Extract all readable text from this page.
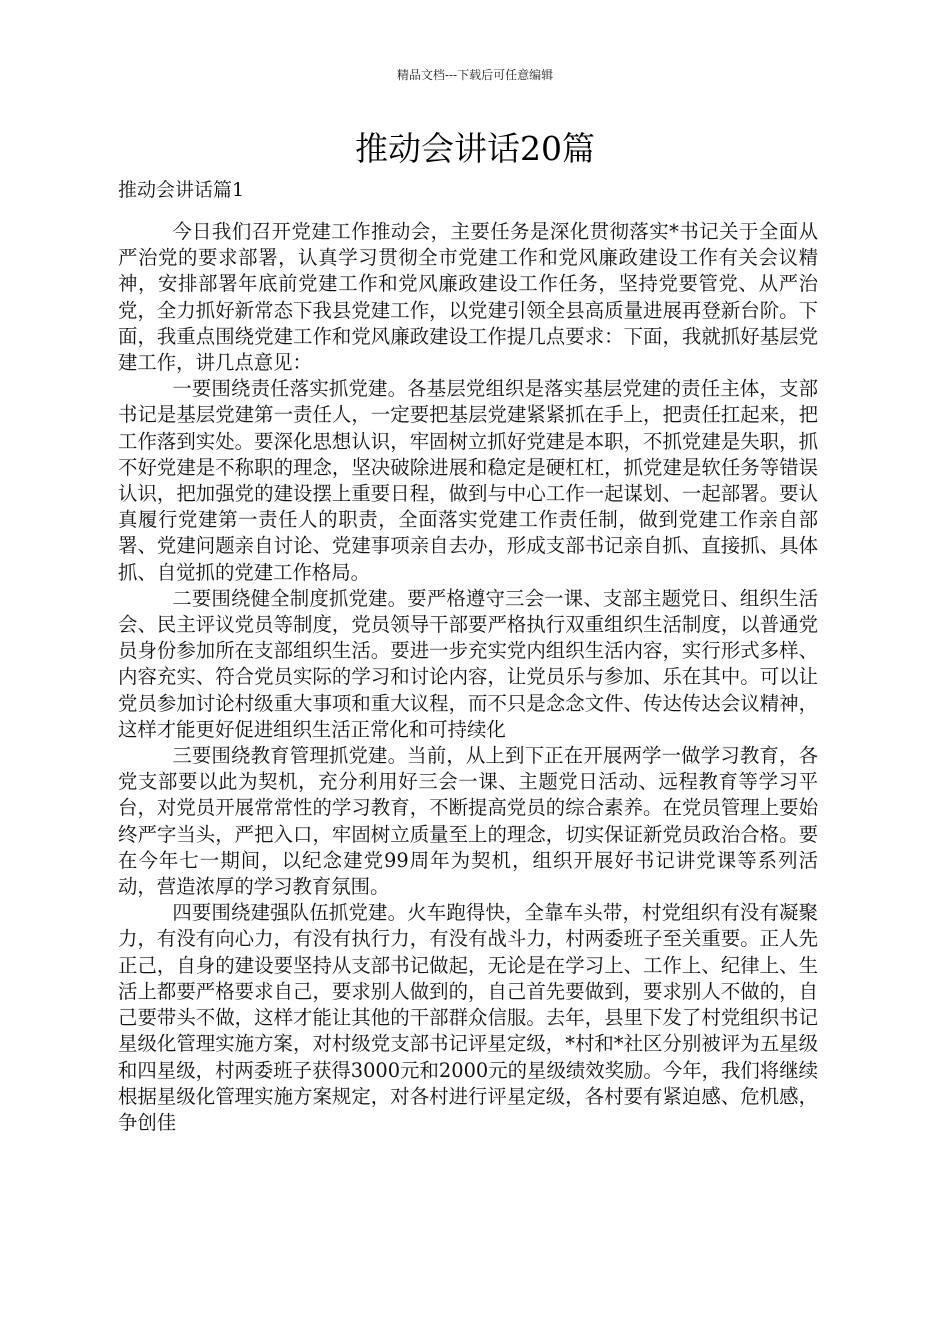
精品文档---下载后可任意编辑
推动会讲话20篇
推动会讲话篇1

今日我们召开党建工作推动会，主要任务是深化贯彻落实*书记关于全面从严治党的要求部署，认真学习贯彻全市党建工作和党风廉政建设工作有关会议精神，安排部署年底前党建工作和党风廉政建设工作任务，坚持党要管党、从严治党，全力抓好新常态下我县党建工作，以党建引领全县高质量进展再登新台阶。下面，我重点围绕党建工作和党风廉政建设工作提几点要求：下面，我就抓好基层党建工作，讲几点意见：

一要围绕责任落实抓党建。各基层党组织是落实基层党建的责任主体，支部书记是基层党建第一责任人，一定要把基层党建紧紧抓在手上，把责任扛起来，把工作落到实处。要深化思想认识，牢固树立抓好党建是本职，不抓党建是失职，抓不好党建是不称职的理念，坚决破除进展和稳定是硬杠杠，抓党建是软任务等错误认识，把加强党的建设摆上重要日程，做到与中心工作一起谋划、一起部署。要认真履行党建第一责任人的职责，全面落实党建工作责任制，做到党建工作亲自部署、党建问题亲自讨论、党建事项亲自去办，形成支部书记亲自抓、直接抓、具体抓、自觉抓的党建工作格局。

二要围绕健全制度抓党建。要严格遵守三会一课、支部主题党日、组织生活会、民主评议党员等制度，党员领导干部要严格执行双重组织生活制度，以普通党员身份参加所在支部组织生活。要进一步充实党内组织生活内容，实行形式多样、内容充实、符合党员实际的学习和讨论内容，让党员乐与参加、乐在其中。可以让党员参加讨论村级重大事项和重大议程，而不只是念念文件、传达传达会议精神，这样才能更好促进组织生活正常化和可持续化

三要围绕教育管理抓党建。当前，从上到下正在开展两学一做学习教育，各党支部要以此为契机，充分利用好三会一课、主题党日活动、远程教育等学习平台，对党员开展常常性的学习教育，不断提高党员的综合素养。在党员管理上要始终严字当头，严把入口，牢固树立质量至上的理念，切实保证新党员政治合格。要在今年七一期间，以纪念建党99周年为契机，组织开展好书记讲党课等系列活动，营造浓厚的学习教育氛围。

四要围绕建强队伍抓党建。火车跑得快，全靠车头带，村党组织有没有凝聚力，有没有向心力，有没有执行力，有没有战斗力，村两委班子至关重要。正人先正己，自身的建设要坚持从支部书记做起，无论是在学习上、工作上、纪律上、生活上都要严格要求自己，要求别人做到的，自己首先要做到，要求别人不做的，自己要带头不做，这样才能让其他的干部群众信服。去年，县里下发了村党组织书记星级化管理实施方案，对村级党支部书记评星定级，*村和*社区分别被评为五星级和四星级，村两委班子获得3000元和2000元的星级绩效奖励。今年，我们将继续根据星级化管理实施方案规定，对各村进行评星定级，各村要有紧迫感、危机感，争创佳
